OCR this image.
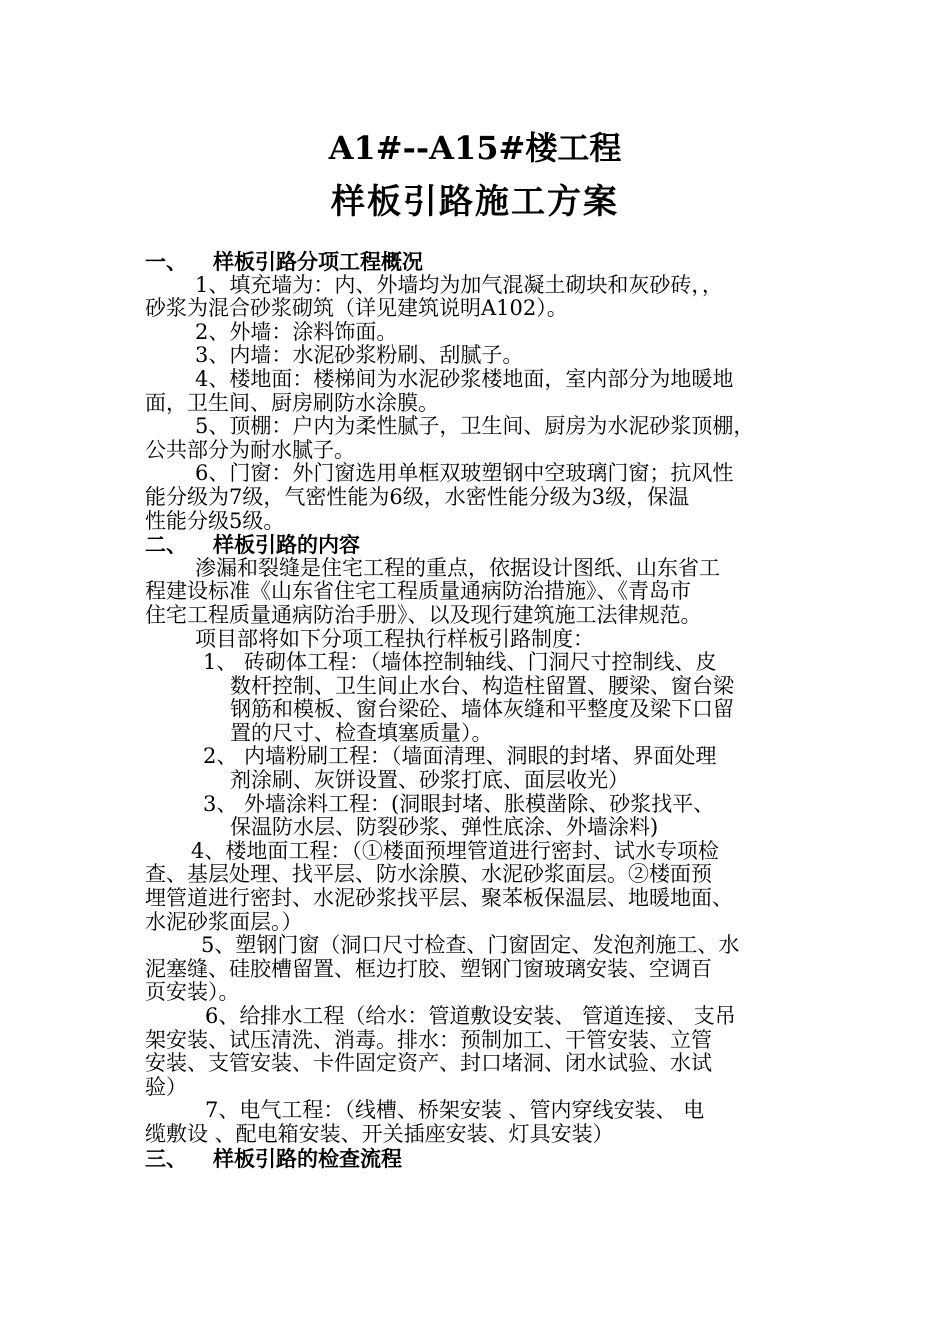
A1#--A15#楼工程
样板引路施工方案
一、 样板引路分项工程概况
1、填充墙为：内、外墙均为加气混凝土砌块和灰砂砖，，
砂浆为混合砂浆砌筑（详见建筑说明A102）。
2、外墙：涂料饰面。
3、内墙：水泥砂浆粉刷、刮腻子。
4、楼地面：楼梯间为水泥砂浆楼地面，室内部分为地暖地
面，卫生间、厨房刷防水涂膜。
5、顶棚：户内为柔性腻子，卫生间、厨房为水泥砂浆顶棚，
公共部分为耐水腻子。
6、门窗：外门窗选用单框双玻塑钢中空玻璃门窗；抗风性
能分级为7级，气密性能为6级，水密性能分级为3级，保温
性能分级5级。
二、 样板引路的内容
渗漏和裂缝是住宅工程的重点，依据设计图纸、山东省工
程建设标准《山东省住宅工程质量通病防治措施》、《青岛市
住宅工程质量通病防治手册》、以及现行建筑施工法律规范。
项目部将如下分项工程执行样板引路制度：
1、 砖砌体工程：（墙体控制轴线、门洞尺寸控制线、皮
数杆控制、卫生间止水台、构造柱留置、腰梁、窗台梁
钢筋和模板、窗台梁砼、墙体灰缝和平整度及梁下口留
置的尺寸、检查填塞质量）。
2、 内墙粉刷工程：（墙面清理、洞眼的封堵、界面处理
剂涂刷、灰饼设置、砂浆打底、面层收光）
3、 外墙涂料工程：(洞眼封堵、胀模凿除、砂浆找平、
保温防水层、防裂砂浆、弹性底涂、外墙涂料)
4、楼地面工程：（①楼面预埋管道进行密封、试水专项检
查、基层处理、找平层、防水涂膜、水泥砂浆面层。②楼面预
埋管道进行密封、水泥砂浆找平层、聚苯板保温层、地暖地面、
水泥砂浆面层。）
5、塑钢门窗（洞口尺寸检查、门窗固定、发泡剂施工、水
泥塞缝、硅胶槽留置、框边打胶、塑钢门窗玻璃安装、空调百
页安装）。
6、给排水工程（给水：管道敷设安装、 管道连接、 支吊
架安装、试压清洗、消毒。排水：预制加工、干管安装、立管
安装、支管安装、卡件固定资产、封口堵洞、闭水试验、水试
验）
7、电气工程：（线槽、桥架安装 、管内穿线安装、 电
缆敷设 、配电箱安装、开关插座安装、灯具安装）
三、 样板引路的检查流程
